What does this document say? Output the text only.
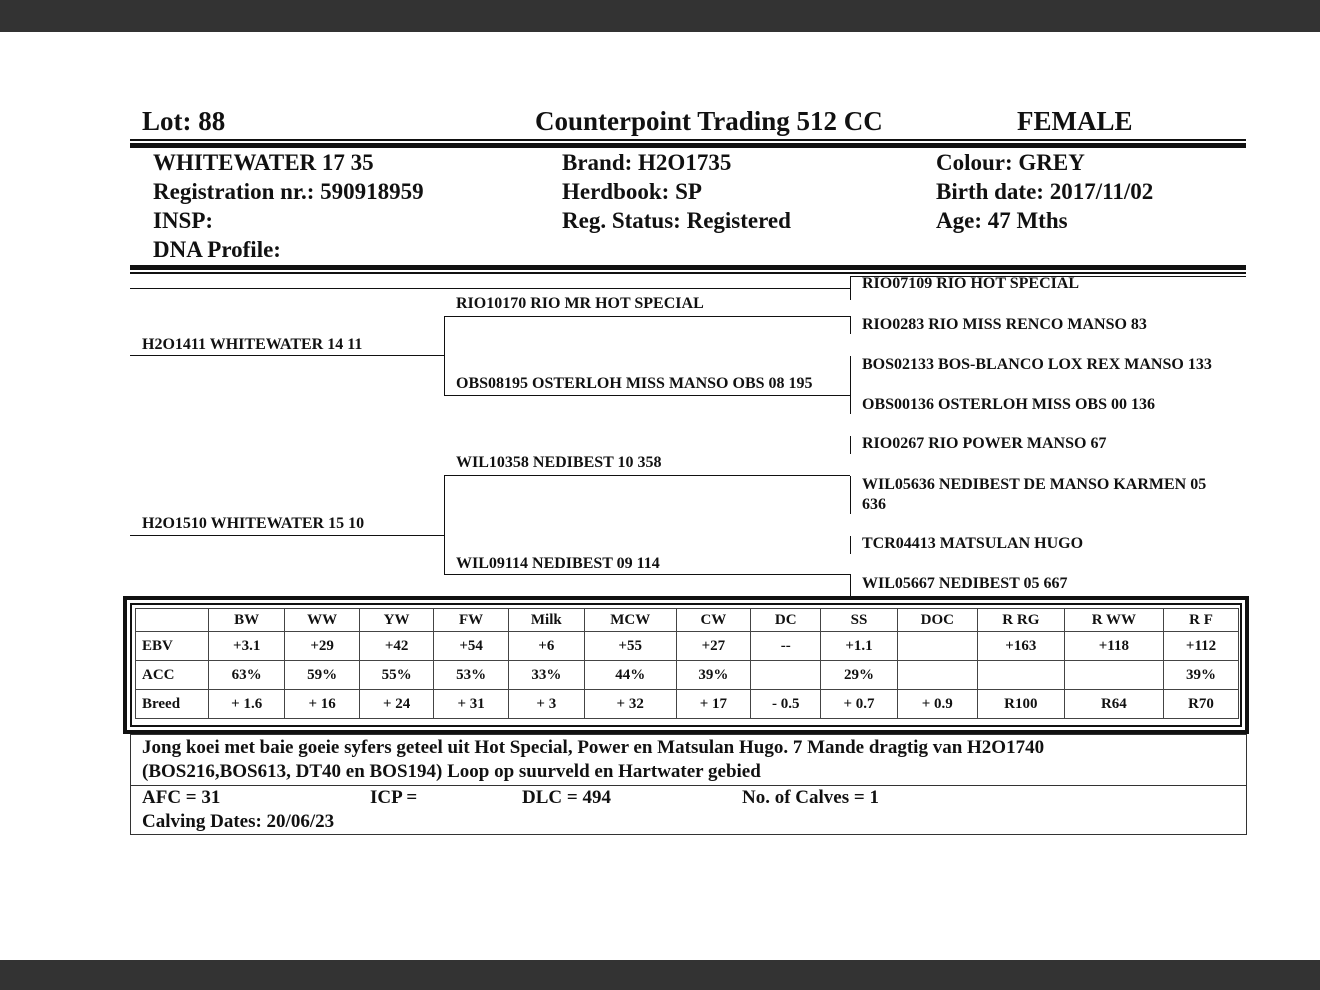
Lot: 88	Counterpoint Trading 512 CC	FEMALE
WHITEWATER 17 35
Registration nr.: 590918959
INSP:
DNA Profile:
Brand: H2O1735
Herdbook: SP
Reg. Status: Registered
Colour: GREY
Birth date: 2017/11/02
Age: 47 Mths
H2O1411 WHITEWATER 14 11
H2O1510 WHITEWATER 15 10
RIO10170 RIO MR HOT SPECIAL
OBS08195 OSTERLOH MISS MANSO OBS 08 195
WIL10358 NEDIBEST 10 358
WIL09114 NEDIBEST 09 114
RIO07109 RIO HOT SPECIAL
RIO0283 RIO MISS RENCO MANSO 83
BOS02133 BOS-BLANCO LOX REX MANSO 133
OBS00136 OSTERLOH MISS OBS 00 136
RIO0267 RIO POWER MANSO 67
WIL05636 NEDIBEST DE MANSO KARMEN 05
636
TCR04413 MATSULAN HUGO
WIL05667 NEDIBEST 05 667
	BW	WW	YW	FW	Milk	MCW	CW	DC	SS	DOC	R RG	R WW	R F
EBV	+3.1	+29	+42	+54	+6	+55	+27	--	+1.1		+163	+118	+112
ACC	63%	59%	55%	53%	33%	44%	39%		29%				39%
Breed	+ 1.6	+ 16	+ 24	+ 31	+ 3	+ 32	+ 17	- 0.5	+ 0.7	+ 0.9	R100	R64	R70
Jong koei met baie goeie syfers geteel uit Hot Special, Power en Matsulan Hugo. 7 Mande dragtig van H2O1740
(BOS216,BOS613, DT40 en BOS194) Loop op suurveld en Hartwater gebied
AFC = 31	ICP =	DLC = 494	No. of Calves = 1
Calving Dates: 20/06/23
